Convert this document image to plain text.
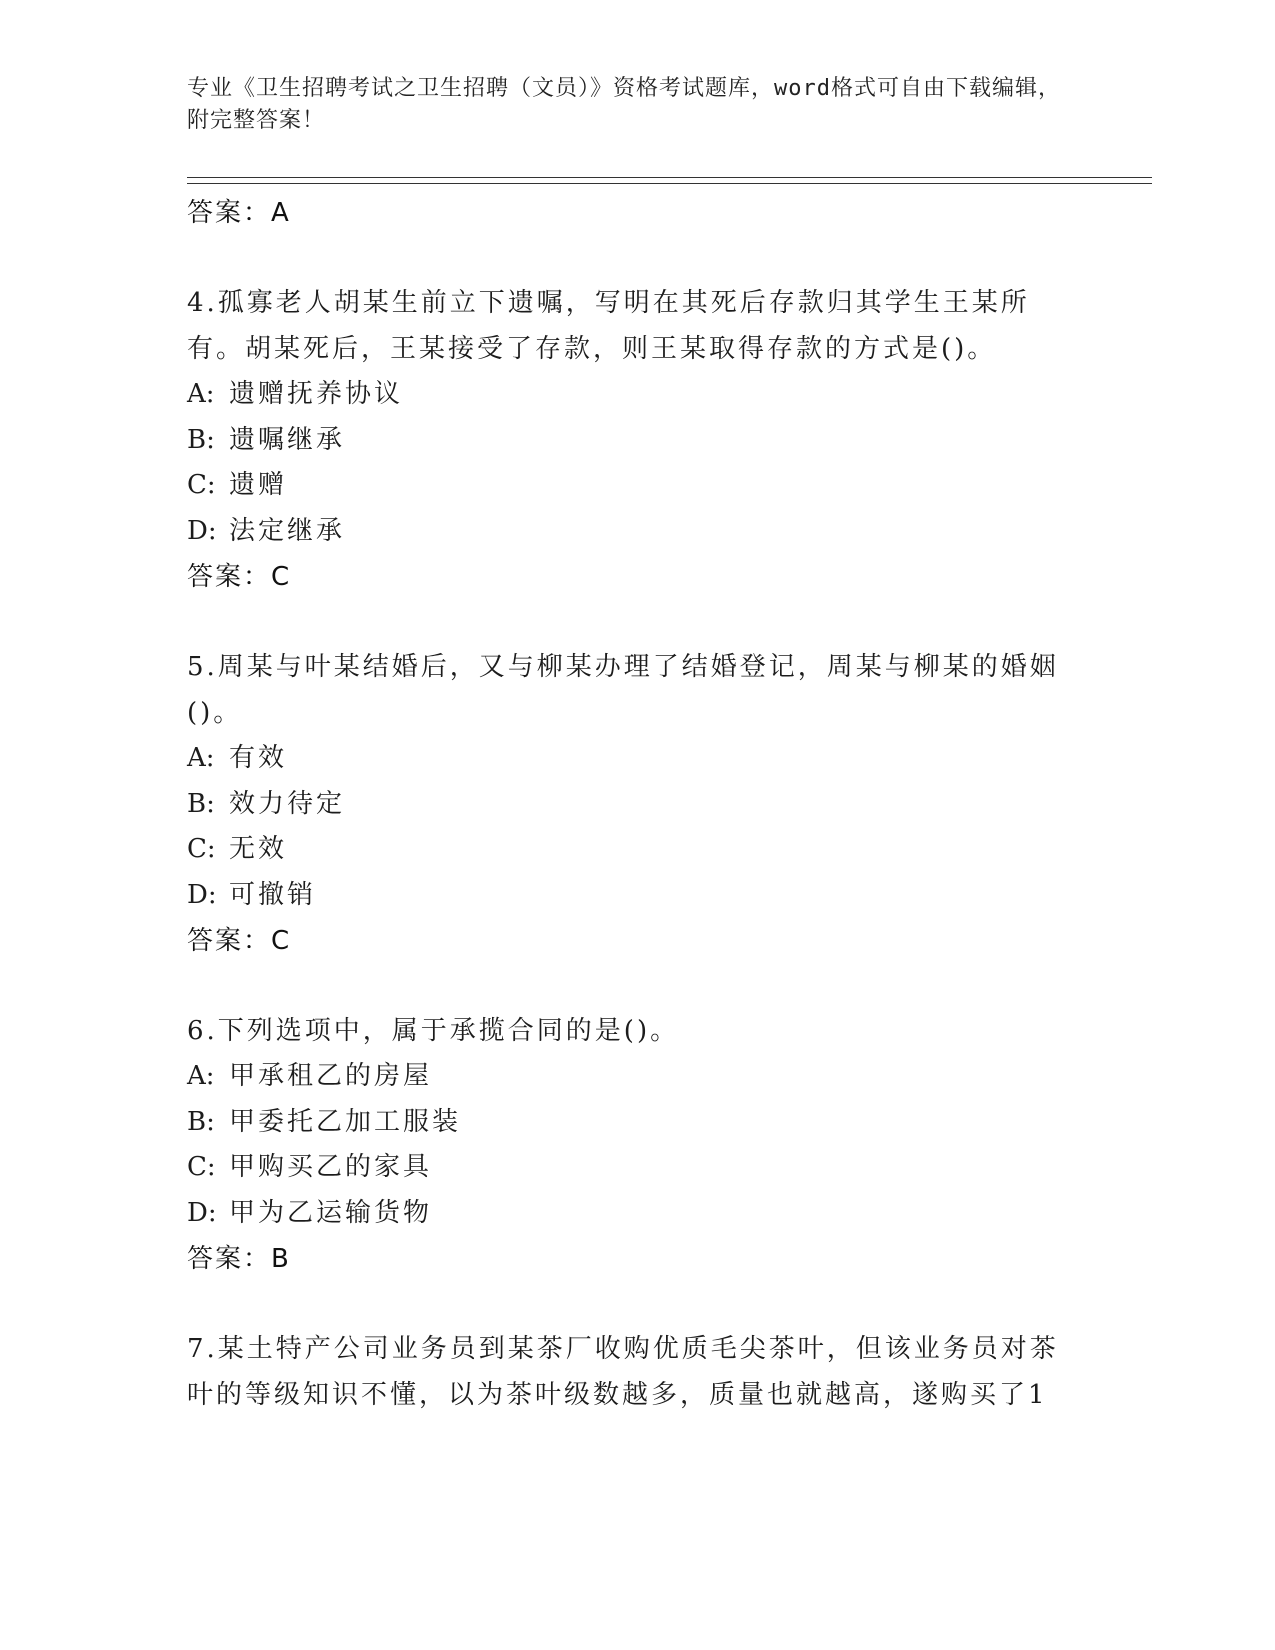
专业《卫生招聘考试之卫生招聘（文员）》资格考试题库，word格式可自由下载编辑，附完整答案！
答案：A
4.孤寡老人胡某生前立下遗嘱，写明在其死后存款归其学生王某所有。胡某死后，王某接受了存款，则王某取得存款的方式是()。
A: 遗赠抚养协议
B: 遗嘱继承
C: 遗赠
D: 法定继承
答案：C
5.周某与叶某结婚后，又与柳某办理了结婚登记，周某与柳某的婚姻()。
A: 有效
B: 效力待定
C: 无效
D: 可撤销
答案：C
6.下列选项中，属于承揽合同的是()。
A: 甲承租乙的房屋
B: 甲委托乙加工服装
C: 甲购买乙的家具
D: 甲为乙运输货物
答案：B
7.某土特产公司业务员到某茶厂收购优质毛尖茶叶，但该业务员对茶叶的等级知识不懂，以为茶叶级数越多，质量也就越高，遂购买了1
